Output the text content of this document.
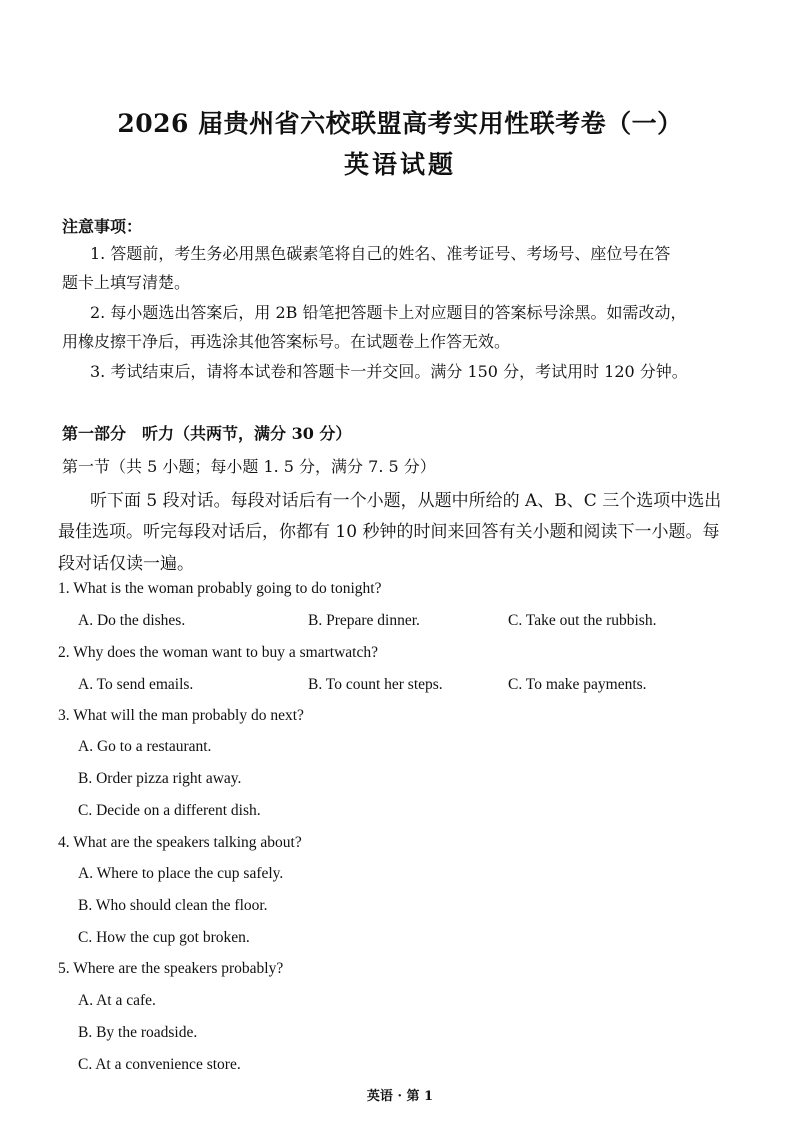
2026 届贵州省六校联盟高考实用性联考卷（一）
英语试题
注意事项：
1. 答题前，考生务必用黑色碳素笔将自己的姓名、准考证号、考场号、座位号在答
题卡上填写清楚。
2. 每小题选出答案后，用 2B 铅笔把答题卡上对应题目的答案标号涂黑。如需改动，
用橡皮擦干净后，再选涂其他答案标号。在试题卷上作答无效。
3. 考试结束后，请将本试卷和答题卡一并交回。满分 150 分，考试用时 120 分钟。
第一部分　听力（共两节，满分 30 分）
第一节（共 5 小题；每小题 1. 5 分，满分 7. 5 分）
听下面 5 段对话。每段对话后有一个小题，从题中所给的 A、B、C 三个选项中选出
最佳选项。听完每段对话后，你都有 10 秒钟的时间来回答有关小题和阅读下一小题。每
段对话仅读一遍。
1. What is the woman probably going to do tonight?
A. Do the dishes.	B. Prepare dinner.	C. Take out the rubbish.
2. Why does the woman want to buy a smartwatch?
A. To send emails.	B. To count her steps.	C. To make payments.
3. What will the man probably do next?
A. Go to a restaurant.
B. Order pizza right away.
C. Decide on a different dish.
4. What are the speakers talking about?
A. Where to place the cup safely.
B. Who should clean the floor.
C. How the cup got broken.
5. Where are the speakers probably?
A. At a cafe.
B. By the roadside.
C. At a convenience store.
英语 · 第 1
